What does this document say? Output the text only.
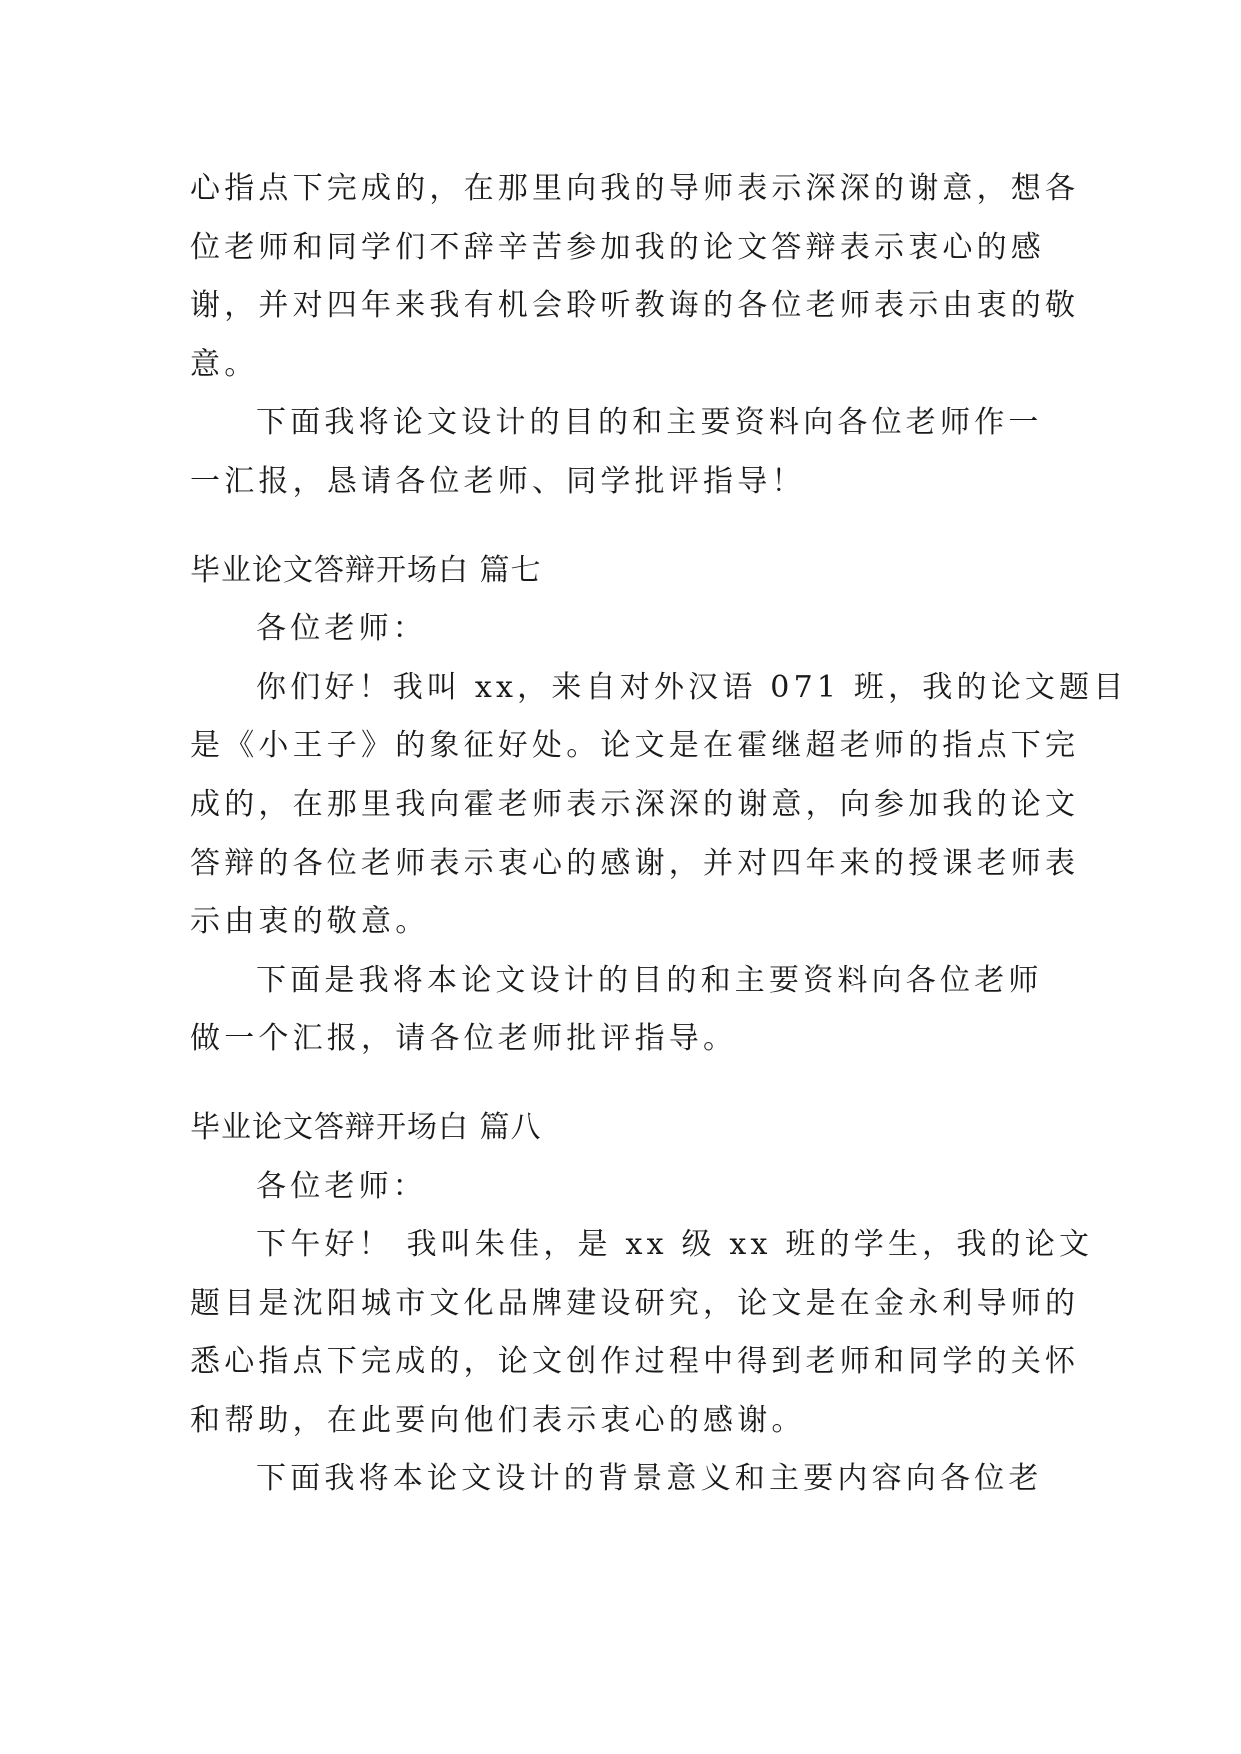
心指点下完成的，在那里向我的导师表示深深的谢意，想各
位老师和同学们不辞辛苦参加我的论文答辩表示衷心的感
谢，并对四年来我有机会聆听教诲的各位老师表示由衷的敬
意。
下面我将论文设计的目的和主要资料向各位老师作一
一汇报，恳请各位老师、同学批评指导！
毕业论文答辩开场白 篇七
各位老师：
你们好！我叫 xx，来自对外汉语 071 班，我的论文题目
是《小王子》的象征好处。论文是在霍继超老师的指点下完
成的，在那里我向霍老师表示深深的谢意，向参加我的论文
答辩的各位老师表示衷心的感谢，并对四年来的授课老师表
示由衷的敬意。
下面是我将本论文设计的目的和主要资料向各位老师
做一个汇报，请各位老师批评指导。
毕业论文答辩开场白 篇八
各位老师：
下午好！ 我叫朱佳，是 xx 级 xx 班的学生，我的论文
题目是沈阳城市文化品牌建设研究，论文是在金永利导师的
悉心指点下完成的，论文创作过程中得到老师和同学的关怀
和帮助，在此要向他们表示衷心的感谢。
下面我将本论文设计的背景意义和主要内容向各位老
